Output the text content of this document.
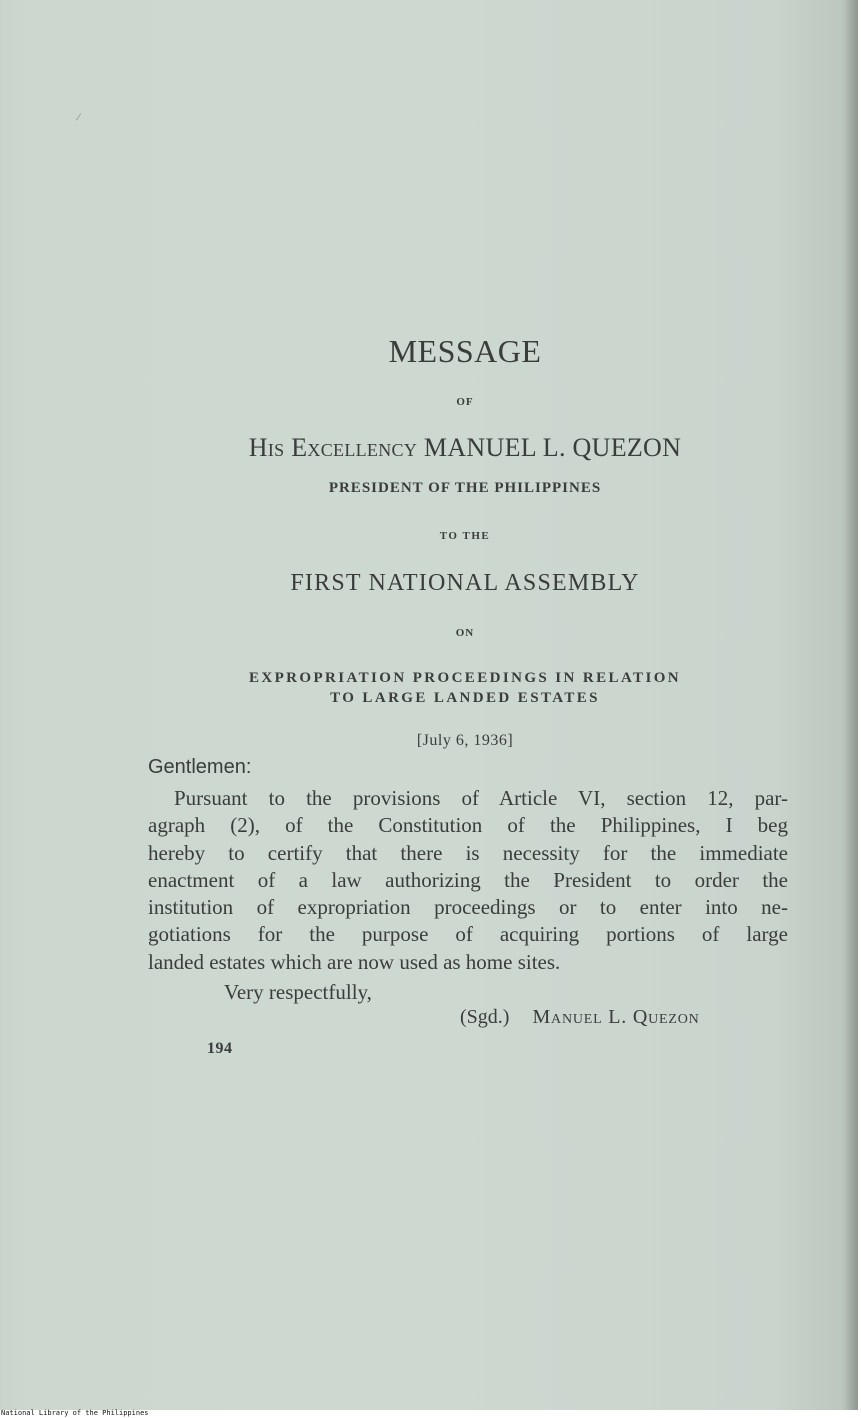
MESSAGE
OF
His Excellency MANUEL L. QUEZON
PRESIDENT OF THE PHILIPPINES
TO THE
FIRST NATIONAL ASSEMBLY
ON
EXPROPRIATION PROCEEDINGS IN RELATION
TO LARGE LANDED ESTATES
[July 6, 1936]
Gentlemen:
Pursuant to the provisions of Article VI, section 12, par-
agraph (2), of the Constitution of the Philippines, I beg
hereby to certify that there is necessity for the immediate
enactment of a law authorizing the President to order the
institution of expropriation proceedings or to enter into ne-
gotiations for the purpose of acquiring portions of large
landed estates which are now used as home sites.
Very respectfully,
(Sgd.) Manuel L. Quezon
194
National Library of the Philippines
